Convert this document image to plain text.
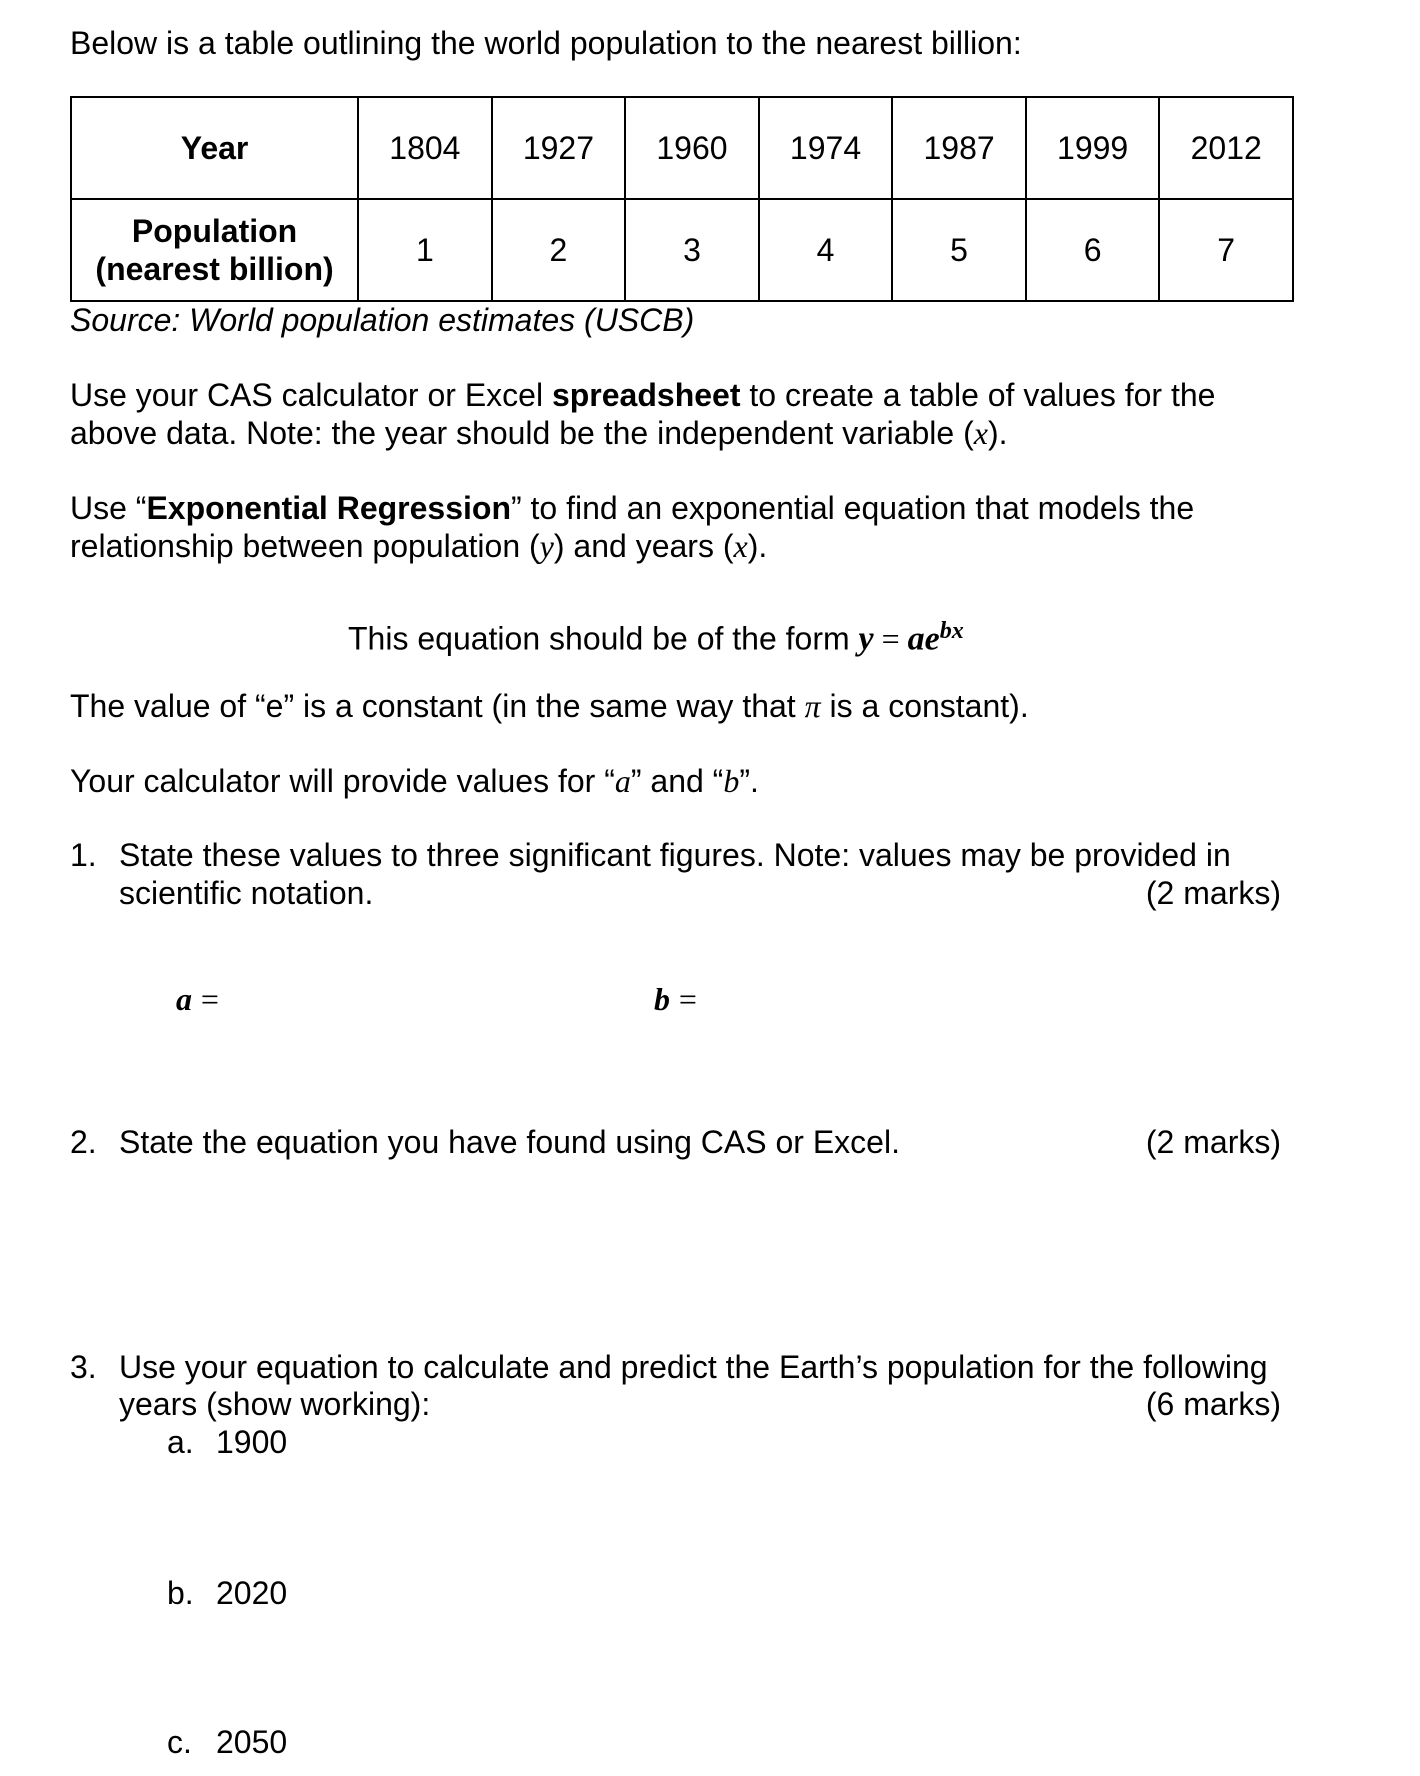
Below is a table outlining the world population to the nearest billion:
Year	1804	1927	1960	1974	1987	1999	2012

Population
(nearest billion)	1	2	3	4	5	6	7
Source: World population estimates (USCB)
Use your CAS calculator or Excel spreadsheet to create a table of values for the
above data. Note: the year should be the independent variable (x).
Use “Exponential Regression” to find an exponential equation that models the
relationship between population (y) and years (x).
This equation should be of the form $y = ae^{bx}$
The value of “e” is a constant (in the same way that π is a constant).
Your calculator will provide values for “a” and “b”.
1. State these values to three significant figures. Note: values may be provided in
scientific notation.	(2 marks)
a =	b =
2. State the equation you have found using CAS or Excel.	(2 marks)
3. Use your equation to calculate and predict the Earth’s population for the following
years (show working):	(6 marks)
a. 1900
b. 2020
c. 2050
